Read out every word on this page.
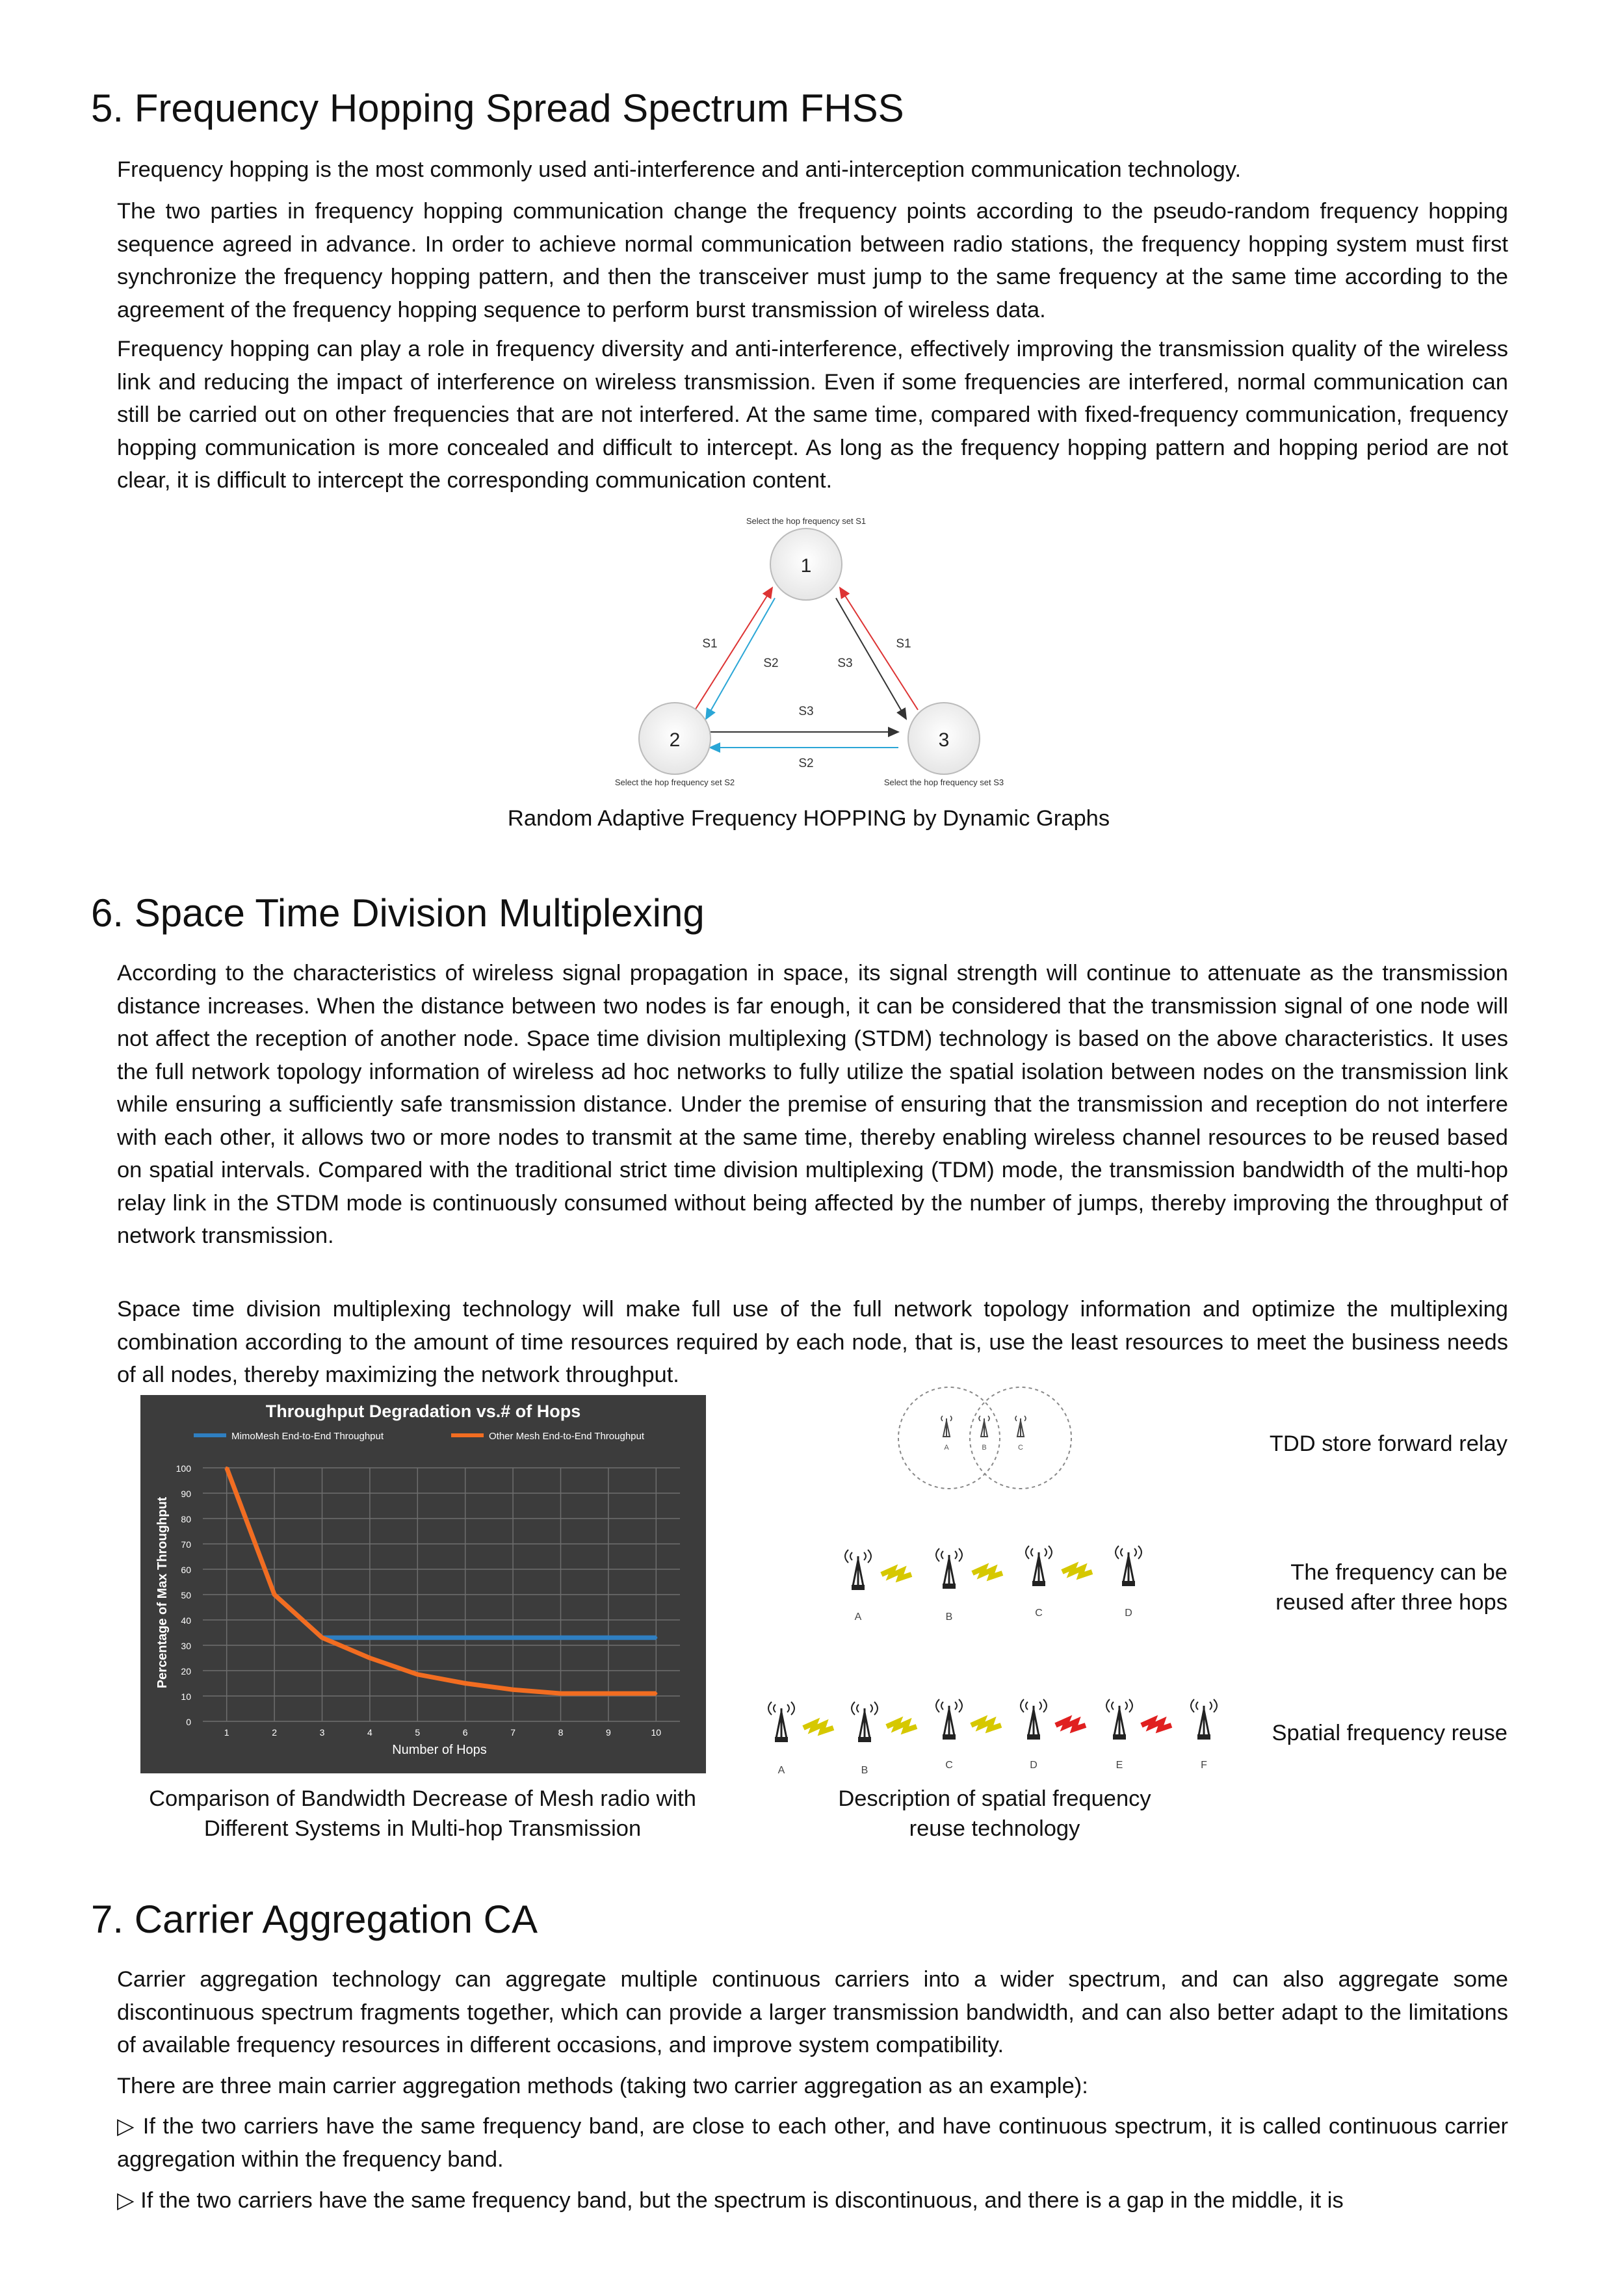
5. Frequency Hopping Spread Spectrum FHSS

Frequency hopping is the most commonly used anti-interference and anti-interception communication technology.

The two parties in frequency hopping communication change the frequency points according to the pseudo-random frequency hopping sequence agreed in advance. In order to achieve normal communication between radio stations, the frequency hopping system must first synchronize the frequency hopping pattern, and then the transceiver must jump to the same frequency at the same time according to the agreement of the frequency hopping sequence to perform burst transmission of wireless data.

Frequency hopping can play a role in frequency diversity and anti-interference, effectively improving the transmission quality of the wireless link and reducing the impact of interference on wireless transmission. Even if some frequencies are interfered, normal communication can still be carried out on other frequencies that are not interfered. At the same time, compared with fixed-frequency communication, frequency hopping communication is more concealed and difficult to intercept. As long as the frequency hopping pattern and hopping period are not clear, it is difficult to intercept the corresponding communication content.

1
2	3
Select the hop frequency set S1
Select the hop frequency set S2	Select the hop frequency set S3
S1	S1
S2	S3
S3
S2
Random Adaptive Frequency HOPPING by Dynamic Graphs
6. Space Time Division Multiplexing

According to the characteristics of wireless signal propagation in space, its signal strength will continue to attenuate as the transmission distance increases. When the distance between two nodes is far enough, it can be considered that the transmission signal of one node will not affect the reception of another node. Space time division multiplexing (STDM) technology is based on the above characteristics. It uses the full network topology information of wireless ad hoc networks to fully utilize the spatial isolation between nodes on the transmission link while ensuring a sufficiently safe transmission distance. Under the premise of ensuring that the transmission and reception do not interfere with each other, it allows two or more nodes to transmit at the same time, thereby enabling wireless channel resources to be reused based on spatial intervals. Compared with the traditional strict time division multiplexing (TDM) mode, the transmission bandwidth of the multi-hop relay link in the STDM mode is continuously consumed without being affected by the number of jumps, thereby improving the throughput of network transmission.

Space time division multiplexing technology will make full use of the full network topology information and optimize the multiplexing combination according to the amount of time resources required by each node, that is, use the least resources to meet the business needs of all nodes, thereby maximizing the network throughput.

Throughput Degradation vs.# of Hops
MimoMesh End-to-End Throughput	Other Mesh End-to-End Throughput
Percentage of Max Throughput
Number of Hops
0
10
20
30
40
50
60
70
80
90
100
1	2	3	4	5	6	7	8	9	10
Comparison of Bandwidth Decrease of Mesh radio with
Different Systems in Multi-hop Transmission
A	B	C
A	B	C	D
A	B	C	D	E	F
TDD store forward relay
The frequency can be
reused after three hops
Spatial frequency reuse
Description of spatial frequency
reuse technology
7. Carrier Aggregation CA

Carrier aggregation technology can aggregate multiple continuous carriers into a wider spectrum, and can also aggregate some discontinuous spectrum fragments together, which can provide a larger transmission bandwidth, and can also better adapt to the limitations of available frequency resources in different occasions, and improve system compatibility.

There are three main carrier aggregation methods (taking two carrier aggregation as an example):

▷ If the two carriers have the same frequency band, are close to each other, and have continuous spectrum, it is called continuous carrier aggregation within the frequency band.

▷ If the two carriers have the same frequency band, but the spectrum is discontinuous, and there is a gap in the middle, it is
